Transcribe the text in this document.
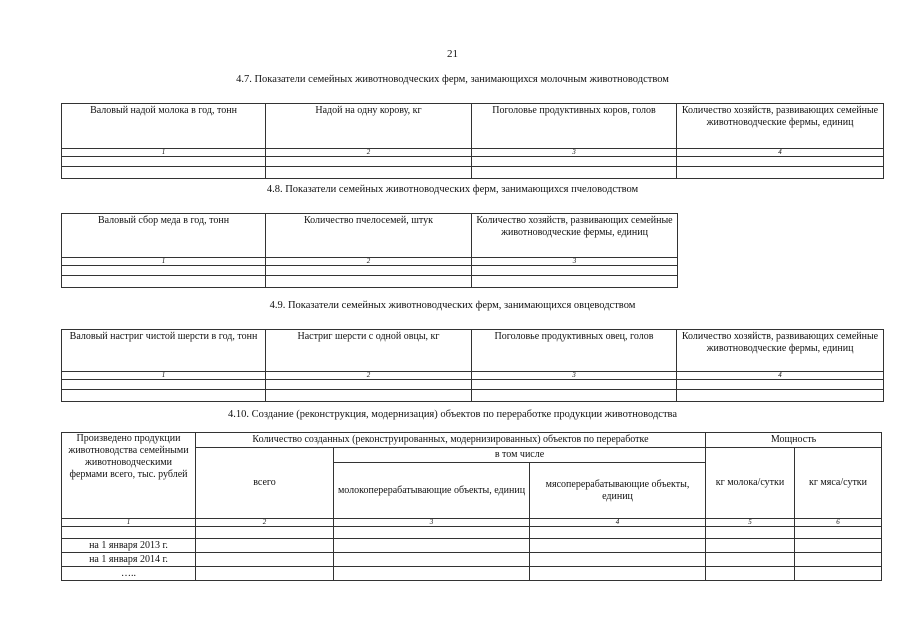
21
4.7. Показатели семейных животноводческих ферм, занимающихся молочным животноводством
Валовый надой молока в год, тонн	Надой на одну корову, кг	Поголовье продуктивных коров, голов	Количество хозяйств, развивающих семейные животноводческие фермы, единиц
1	2	3	4

4.8. Показатели семейных животноводческих ферм, занимающихся пчеловодством
Валовый сбор меда в год, тонн	Количество пчелосемей, штук	Количество хозяйств, развивающих семейные животноводческие фермы, единиц
1	2	3

4.9. Показатели семейных животноводческих ферм, занимающихся овцеводством
Валовый настриг чистой шерсти в год, тонн	Настриг шерсти с одной овцы, кг	Поголовье продуктивных овец, голов	Количество хозяйств, развивающих семейные животноводческие фермы, единиц
1	2	3	4

4.10. Создание (реконструкция, модернизация) объектов по переработке продукции животноводства
Произведено продукции животноводства семейными животноводческими фермами всего, тыс. рублей	Количество созданных (реконструированных, модернизированных) объектов по переработке			Мощность	
	всего	в том числе		кг молока/сутки	кг мяса/сутки
		молокоперерабатывающие объекты, единиц	мясоперерабатывающие объекты, единиц		
1	2	3	4	5	6

на 1 января 2013 г.					
на 1 января 2014 г.					
…..					
